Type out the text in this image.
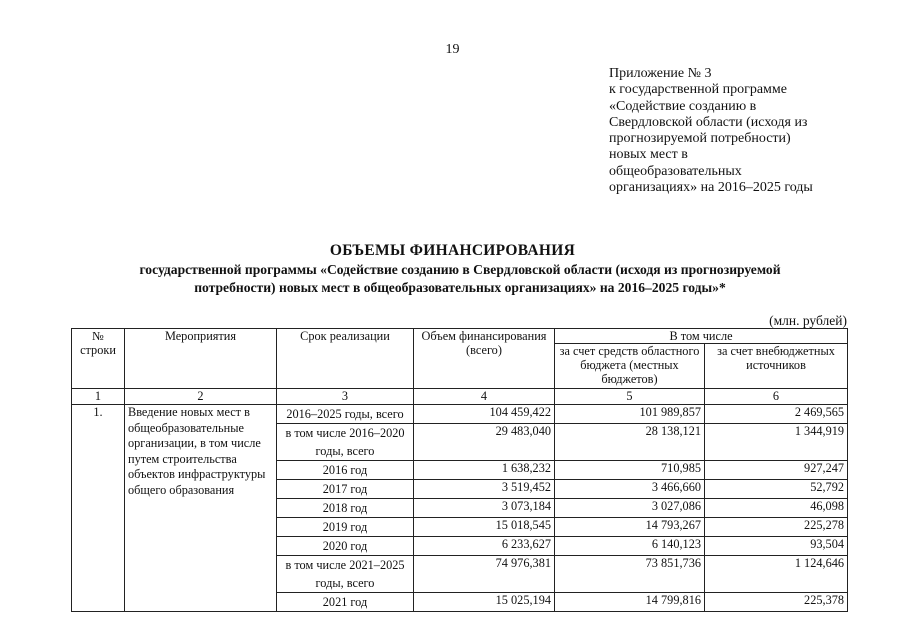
19
Приложение № 3
к государственной программе
«Содействие созданию в
Свердловской области (исходя из
прогнозируемой потребности)
новых мест в
общеобразовательных
организациях» на 2016–2025 годы
ОБЪЕМЫ ФИНАНСИРОВАНИЯ
государственной программы «Содействие созданию в Свердловской области (исходя из прогнозируемой
потребности) новых мест в общеобразовательных организациях» на 2016–2025 годы»*
(млн. рублей)
№ строки	Мероприятия	Срок реализации	Объем финансирования (всего)	В том числе	
				за счет средств областного бюджета (местных бюджетов)	за счет внебюджетных источников
1	2	3	4	5	6
1.	Введение новых мест в общеобразовательные организации, в том числе путем строительства объектов инфраструктуры общего образования	2016–2025 годы, всего	104 459,422	101 989,857	2 469,565
		в том числе 2016–2020 годы, всего	29 483,040	28 138,121	1 344,919
		2016 год	1 638,232	710,985	927,247
		2017 год	3 519,452	3 466,660	52,792
		2018 год	3 073,184	3 027,086	46,098
		2019 год	15 018,545	14 793,267	225,278
		2020 год	6 233,627	6 140,123	93,504
		в том числе 2021–2025 годы, всего	74 976,381	73 851,736	1 124,646
		2021 год	15 025,194	14 799,816	225,378
